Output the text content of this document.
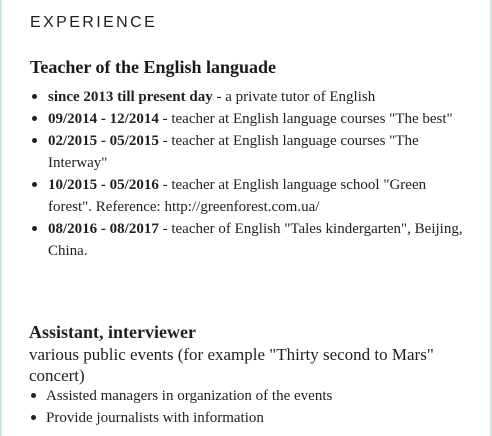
EXPERIENCE
Teacher of the English languade
since 2013 till present day - a private tutor of English
09/2014 - 12/2014 - teacher at English language courses "The best"
02/2015 - 05/2015 - teacher at English language courses "The Interway"
10/2015 - 05/2016 - teacher at English language school "Green forest". Reference: http://greenforest.com.ua/
08/2016 - 08/2017 - teacher of English "Tales kindergarten", Beijing, China.
Assistant, interviewer

various public events (for example "Thirty second to Mars" concert)

Assisted managers in organization of the events
Provide journalists with information
